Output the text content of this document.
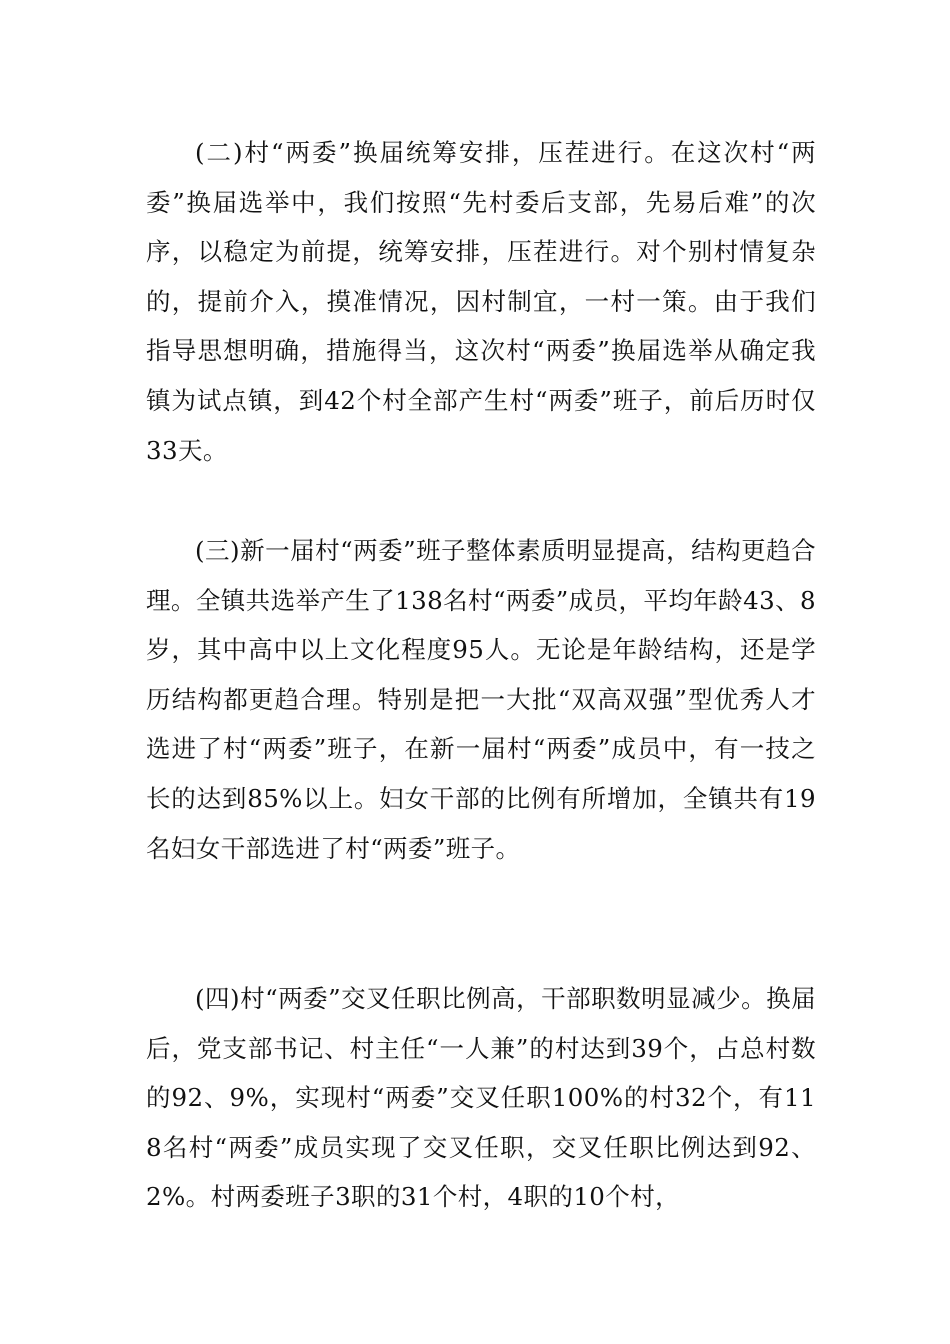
(二)村“两委”换届统筹安排，压茬进行。在这次村“两委”换届选举中，我们按照“先村委后支部，先易后难”的次序，以稳定为前提，统筹安排，压茬进行。对个别村情复杂的，提前介入，摸准情况，因村制宜，一村一策。由于我们指导思想明确，措施得当，这次村“两委”换届选举从确定我镇为试点镇，到42个村全部产生村“两委”班子，前后历时仅33天。

(三)新一届村“两委”班子整体素质明显提高，结构更趋合理。全镇共选举产生了138名村“两委”成员，平均年龄43、8岁，其中高中以上文化程度95人。无论是年龄结构，还是学历结构都更趋合理。特别是把一大批“双高双强”型优秀人才选进了村“两委”班子，在新一届村“两委”成员中，有一技之长的达到85%以上。妇女干部的比例有所增加，全镇共有19名妇女干部选进了村“两委”班子。

(四)村“两委”交叉任职比例高，干部职数明显减少。换届后，党支部书记、村主任“一人兼”的村达到39个，占总村数的92、9%，实现村“两委”交叉任职100%的村32个，有118名村“两委”成员实现了交叉任职，交叉任职比例达到92、2%。村两委班子3职的31个村，4职的10个村，
